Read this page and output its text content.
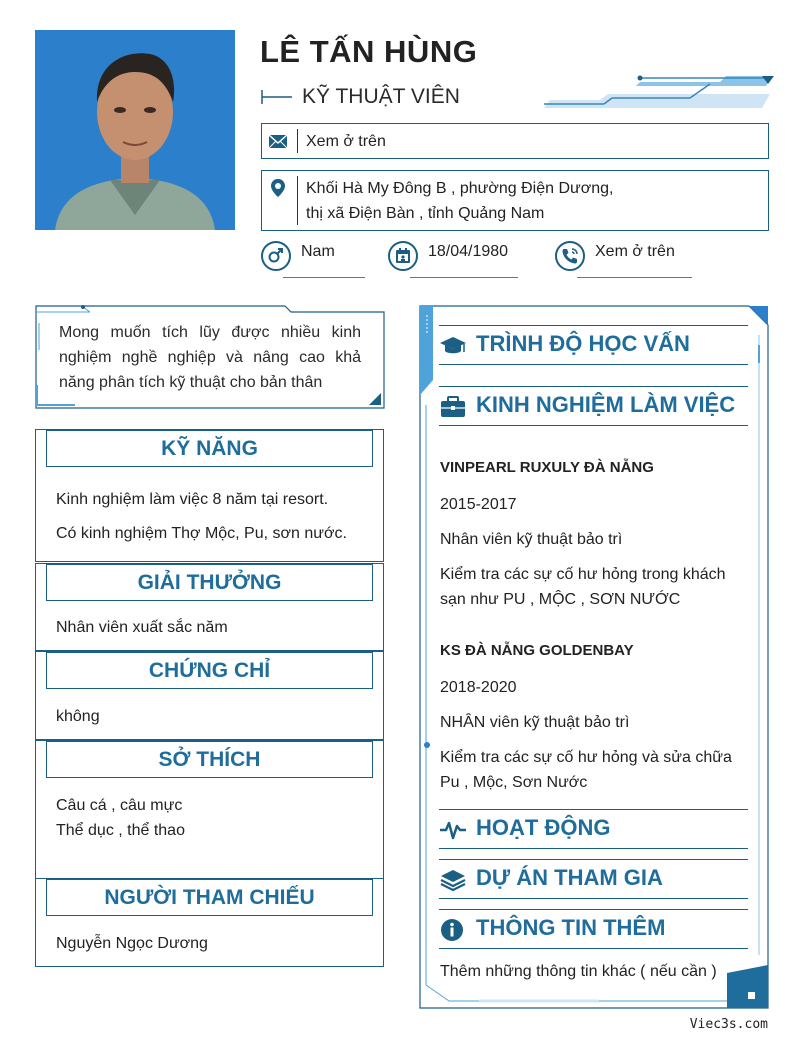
LÊ TẤN HÙNG
KỸ THUẬT VIÊN
Xem ở trên
Khối Hà My Đông B , phường Điện Dương,
thị xã Điện Bàn , tỉnh Quảng Nam
Nam	18/04/1980	Xem ở trên
Mong muốn tích lũy được nhiều kinh nghiệm nghề nghiệp và nâng cao khả năng phân tích kỹ thuật cho bản thân
KỸ NĂNG
Kinh nghiệm làm việc 8 năm tại resort.
Có kinh nghiệm Thợ Mộc, Pu, sơn nước.
GIẢI THƯỞNG
Nhân viên xuất sắc năm
CHỨNG CHỈ
không
SỞ THÍCH
Câu cá , câu mực
Thể dục , thể thao
NGƯỜI THAM CHIẾU
Nguyễn Ngọc Dương
TRÌNH ĐỘ HỌC VẤN
KINH NGHIỆM LÀM VIỆC
VINPEARL RUXULY ĐÀ NẴNG
2015-2017
Nhân viên kỹ thuật bảo trì
Kiểm tra các sự cố hư hỏng trong khách
sạn như PU , MỘC , SƠN NƯỚC
KS ĐÀ NẴNG GOLDENBAY
2018-2020
NHÂN viên kỹ thuật bảo trì
Kiểm tra các sự cố hư hỏng và sửa chữa
Pu , Mộc, Sơn Nước
HOẠT ĐỘNG
DỰ ÁN THAM GIA
THÔNG TIN THÊM
Thêm những thông tin khác ( nếu cần )
Viec3s.com
